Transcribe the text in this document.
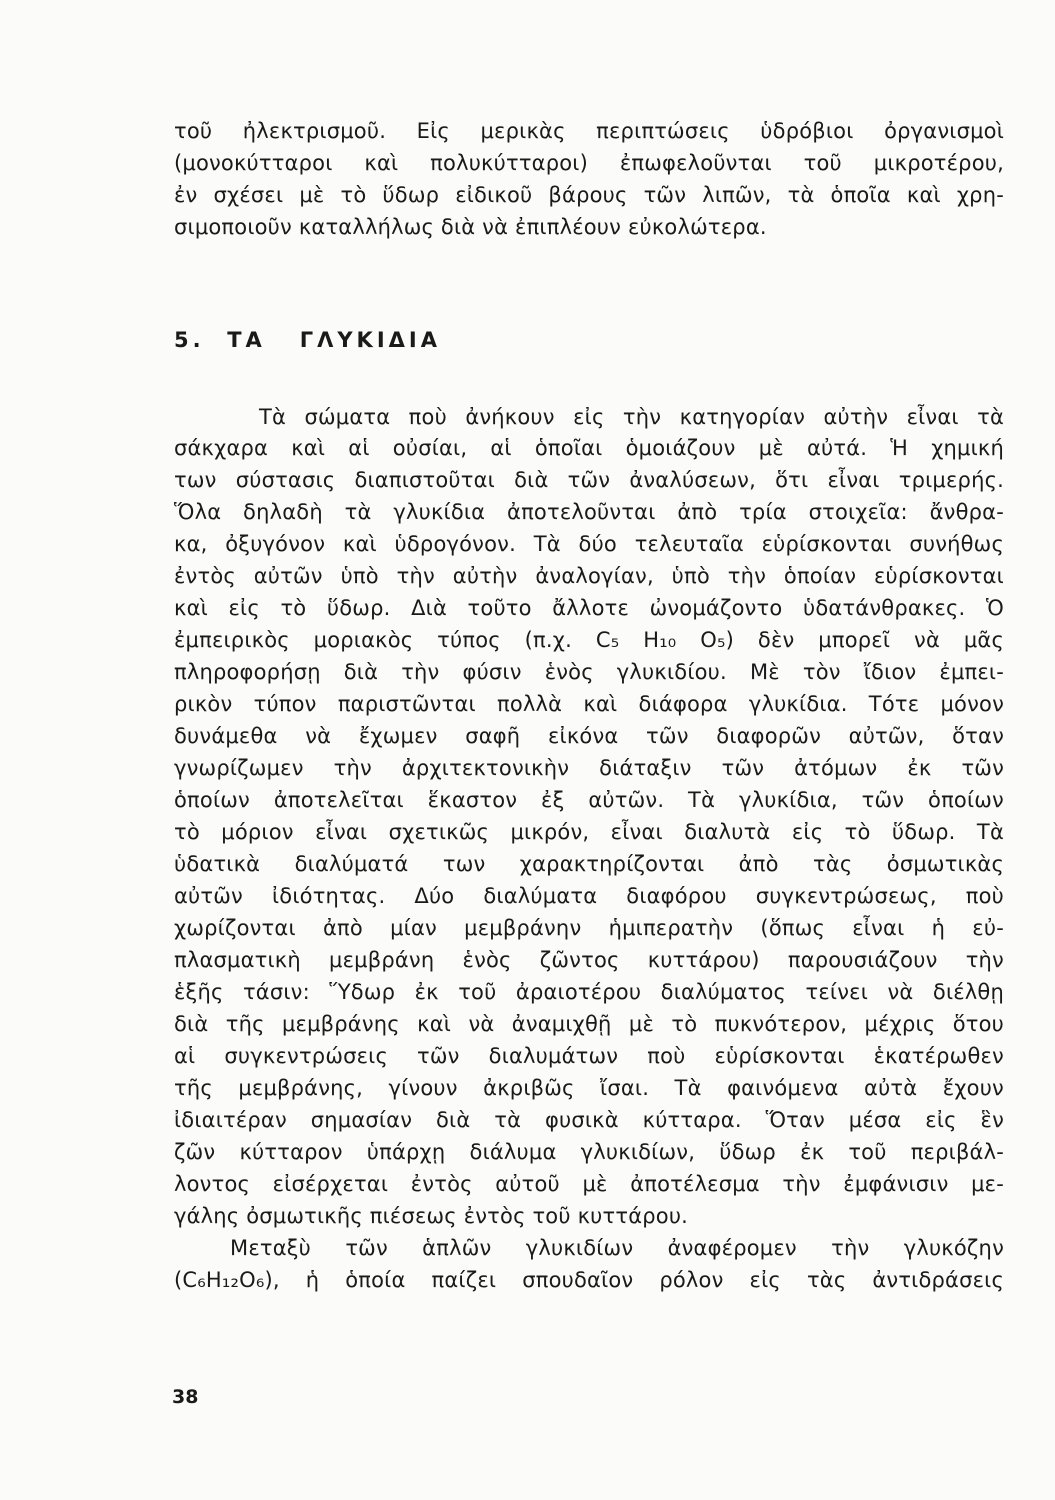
τοῦ ἠλεκτρισμοῦ. Εἰς μερικὰς περιπτώσεις ὑδρόβιοι ὀργανισμοὶ
(μονοκύτταροι καὶ πολυκύτταροι) ἐπωφελοῦνται τοῦ μικροτέρου,
ἐν σχέσει μὲ τὸ ὕδωρ εἰδικοῦ βάρους τῶν λιπῶν, τὰ ὁποῖα καὶ χρη-
σιμοποιοῦν καταλλήλως διὰ νὰ ἐπιπλέουν εὐκολώτερα.
5.  ΤΑ   ΓΛΥΚΙΔΙΑ
Τὰ σώματα ποὺ ἀνήκουν εἰς τὴν κατηγορίαν αὐτὴν εἶναι τὰ
σάκχαρα καὶ αἱ οὐσίαι, αἱ ὁποῖαι ὁμοιάζουν μὲ αὐτά. Ἡ χημική
των σύστασις διαπιστοῦται διὰ τῶν ἀναλύσεων, ὅτι εἶναι τριμερής.
Ὅλα δηλαδὴ τὰ γλυκίδια ἀποτελοῦνται ἀπὸ τρία στοιχεῖα: ἄνθρα-
κα, ὀξυγόνον καὶ ὑδρογόνον. Τὰ δύο τελευταῖα εὑρίσκονται συνήθως
ἐντὸς αὐτῶν ὑπὸ τὴν αὐτὴν ἀναλογίαν, ὑπὸ τὴν ὁποίαν εὑρίσκονται
καὶ εἰς τὸ ὕδωρ. Διὰ τοῦτο ἄλλοτε ὠνομάζοντο ὑδατάνθρακες. Ὁ
ἐμπειρικὸς μοριακὸς τύπος (π.χ. C₅ H₁₀ O₅) δὲν μπορεῖ νὰ μᾶς
πληροφορήσῃ διὰ τὴν φύσιν ἑνὸς γλυκιδίου. Μὲ τὸν ἴδιον ἐμπει-
ρικὸν τύπον παριστῶνται πολλὰ καὶ διάφορα γλυκίδια. Τότε μόνον
δυνάμεθα νὰ ἔχωμεν σαφῆ εἰκόνα τῶν διαφορῶν αὐτῶν, ὅταν
γνωρίζωμεν τὴν ἀρχιτεκτονικὴν διάταξιν τῶν ἀτόμων ἐκ τῶν
ὁποίων ἀποτελεῖται ἕκαστον ἐξ αὐτῶν. Τὰ γλυκίδια, τῶν ὁποίων
τὸ μόριον εἶναι σχετικῶς μικρόν, εἶναι διαλυτὰ εἰς τὸ ὕδωρ. Τὰ
ὑδατικὰ διαλύματά των χαρακτηρίζονται ἀπὸ τὰς ὀσμωτικὰς
αὐτῶν ἰδιότητας. Δύο διαλύματα διαφόρου συγκεντρώσεως, ποὺ
χωρίζονται ἀπὸ μίαν μεμβράνην ἡμιπερατὴν (ὅπως εἶναι ἡ εὐ-
πλασματικὴ μεμβράνη ἑνὸς ζῶντος κυττάρου) παρουσιάζουν τὴν
ἑξῆς τάσιν: Ὕδωρ ἐκ τοῦ ἀραιοτέρου διαλύματος τείνει νὰ διέλθῃ
διὰ τῆς μεμβράνης καὶ νὰ ἀναμιχθῇ μὲ τὸ πυκνότερον, μέχρις ὅτου
αἱ συγκεντρώσεις τῶν διαλυμάτων ποὺ εὑρίσκονται ἑκατέρωθεν
τῆς μεμβράνης, γίνουν ἀκριβῶς ἴσαι. Τὰ φαινόμενα αὐτὰ ἔχουν
ἰδιαιτέραν σημασίαν διὰ τὰ φυσικὰ κύτταρα. Ὅταν μέσα εἰς ἓν
ζῶν κύτταρον ὑπάρχῃ διάλυμα γλυκιδίων, ὕδωρ ἐκ τοῦ περιβάλ-
λοντος εἰσέρχεται ἐντὸς αὐτοῦ μὲ ἀποτέλεσμα τὴν ἐμφάνισιν με-
γάλης ὀσμωτικῆς πιέσεως ἐντὸς τοῦ κυττάρου.
Μεταξὺ τῶν ἁπλῶν γλυκιδίων ἀναφέρομεν τὴν γλυκόζην
(C₆H₁₂O₆), ἡ ὁποία παίζει σπουδαῖον ρόλον εἰς τὰς ἀντιδράσεις
38
